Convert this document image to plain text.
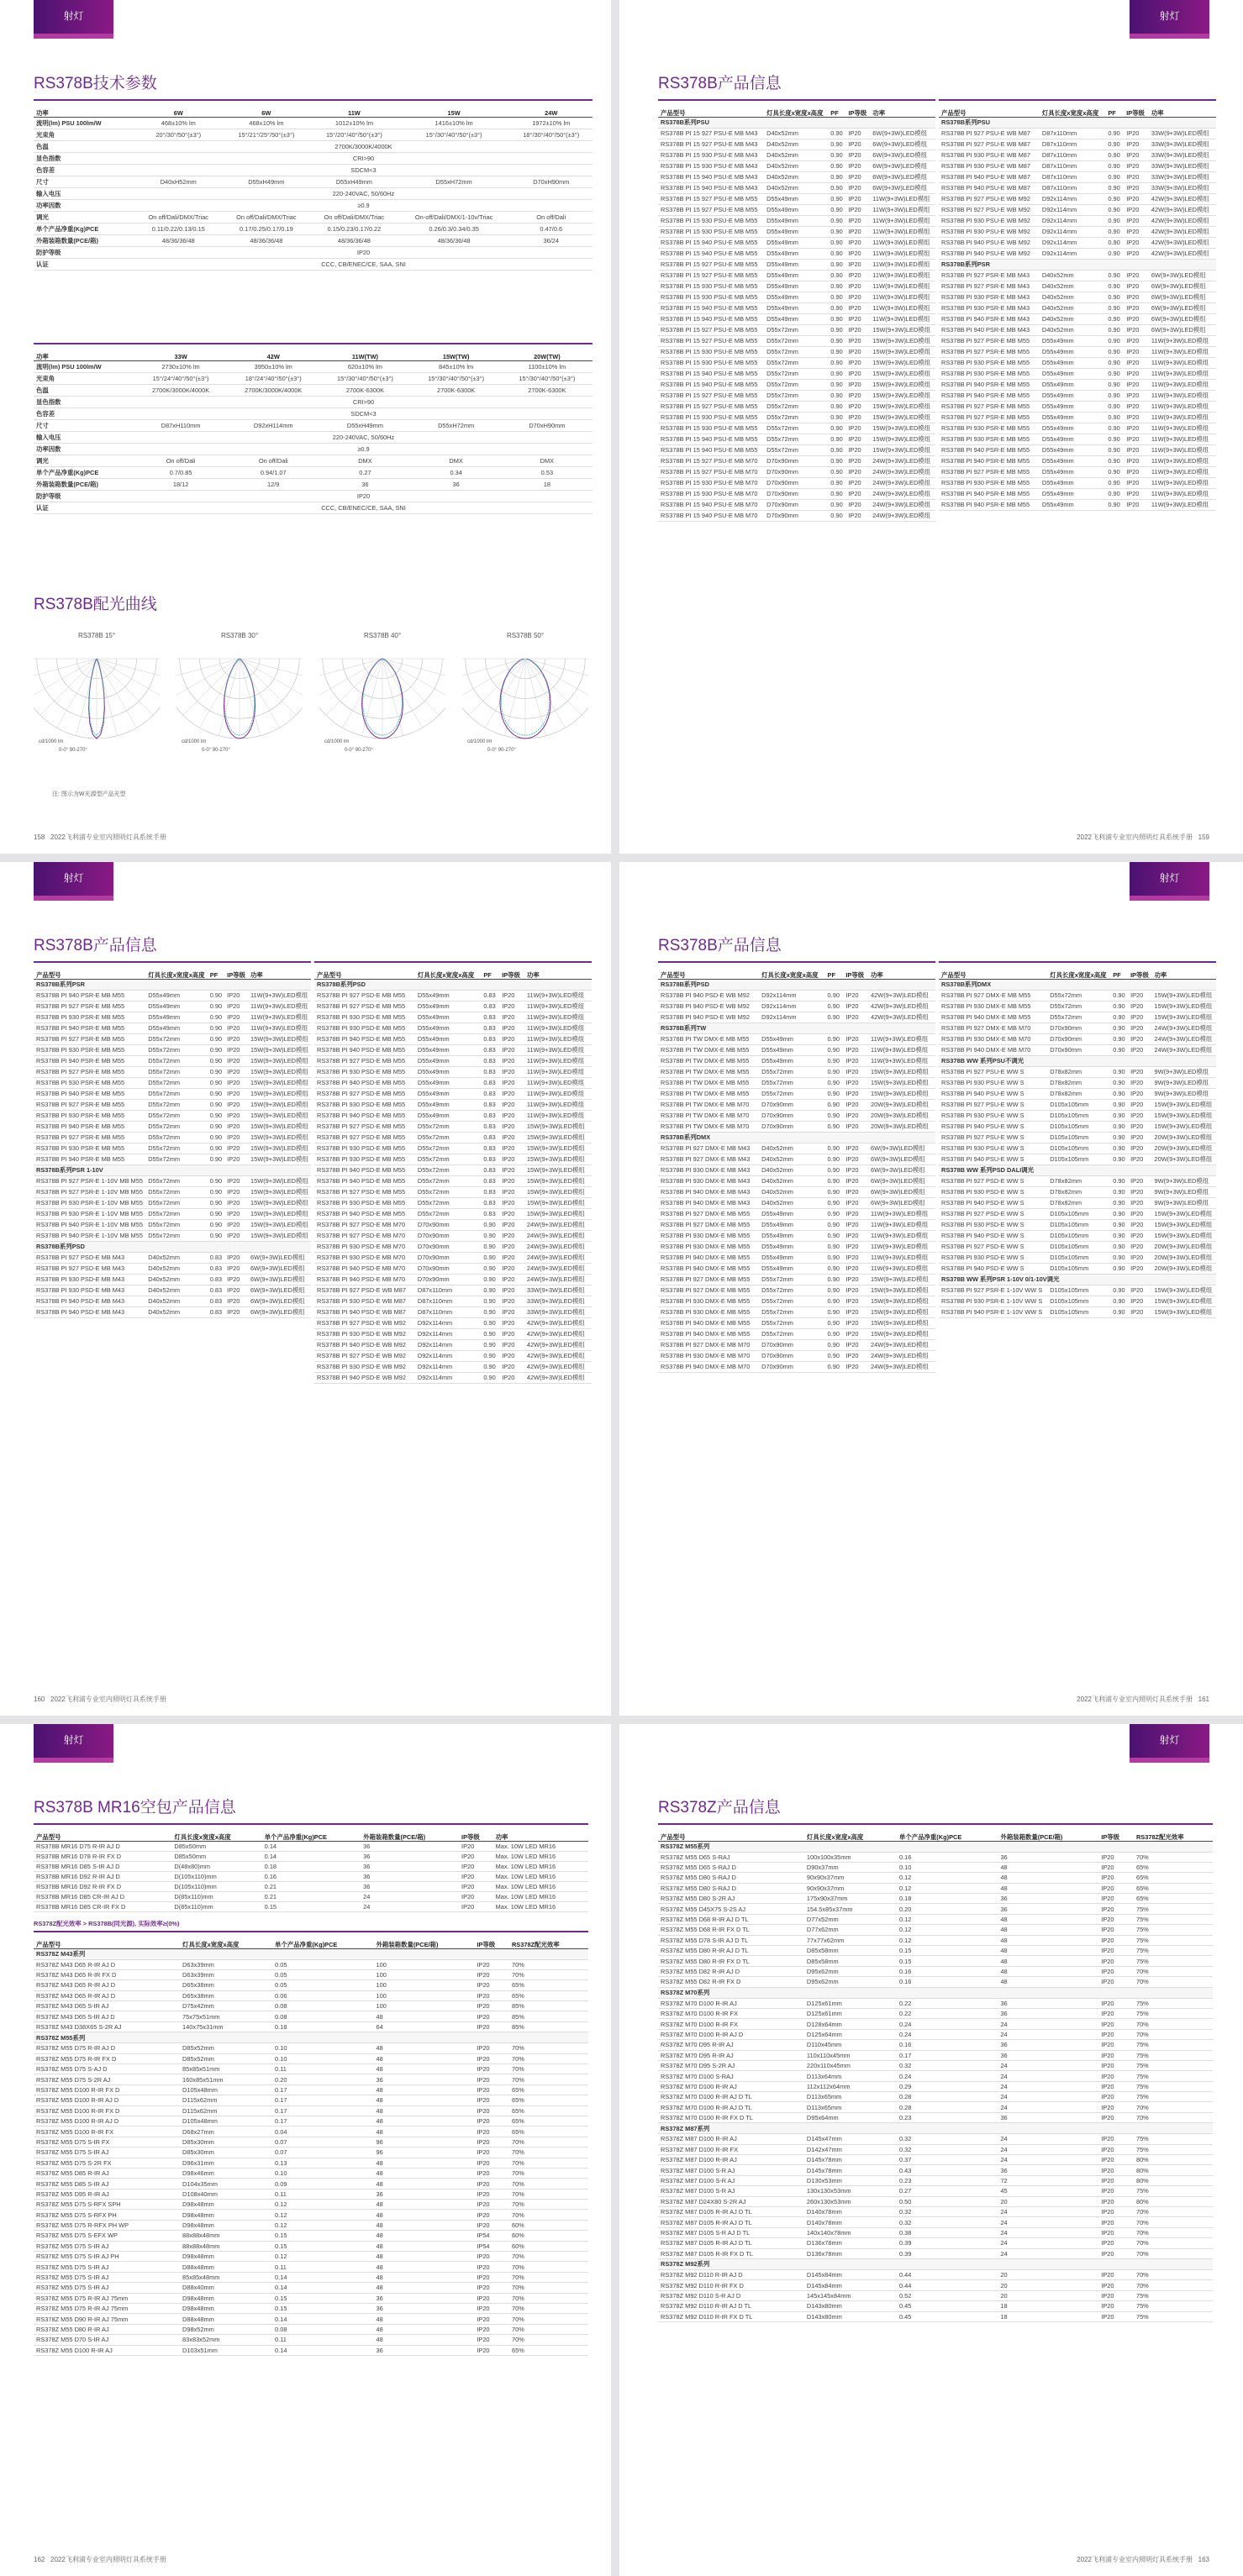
射灯
RS378B技术参数
功率	6W	6W	11W	15W	24W
流明(lm) PSU 100lm/W	468±10% lm	468±10% lm	1012±10% lm	1416±10% lm	1972±10% lm
光束角	20°/30°/50°(±3°)	15°/21°/25°/50°(±3°)	15°/20°/40°/50°(±3°)	15°/30°/40°/50°(±3°)	18°/30°/40°/50°(±3°)
色温	2700K/3000K/4000K				
显色指数	CRI>90				
色容差	SDCM<3				
尺寸	D40xH52mm	D55xH49mm	D55xH49mm	D55xH72mm	D70xH90mm
输入电压	220-240VAC, 50/60Hz				
功率因数	≥0.9				
调光	On off/Dali/DMX/Triac	On off/Dali/DMX/Triac	On off/Dali/DMX/Triac	On-off/Dali/DMX/1-10v/Triac	On off/Dali
单个产品净重(Kg)PCE	0.11/0.22/0.13/0.15	0.17/0.25/0.17/0.19	0.15/0.23/0.17/0.22	0.26/0.3/0.34/0.35	0.47/0.6
外箱装箱数量(PCE/箱)	48/36/36/48	48/36/36/48	48/36/36/48	48/36/36/48	36/24
防护等级	IP20				
认证	CCC, CB/ENEC/CE, SAA, SNI				
功率	33W	42W	11W(TW)	15W(TW)	20W(TW)
流明(lm) PSU 100lm/W	2730±10% lm	3950±10% lm	620±10% lm	845±10% lm	1100±10% lm
光束角	15°/24°/40°/50°(±3°)	18°/24°/40°/50°(±3°)	15°/30°/40°/50°(±3°)	15°/30°/40°/50°(±3°)	15°/30°/40°/50°(±3°)
色温	2700K/3000K/4000K	2700K/3000K/4000K	2700K-6300K	2700K-6300K	2700K-6300K
显色指数	CRI>90				
色容差	SDCM<3				
尺寸	D87xH110mm	D92xH114mm	D55xH49mm	D55xH72mm	D70xH90mm
输入电压	220-240VAC, 50/60Hz				
功率因数	≥0.9				
调光	On off/Dali	On off/Dali	DMX	DMX	DMX
单个产品净重(Kg)PCE	0.7/0.85	0.94/1.07	0.27	0.34	0.53
外箱装箱数量(PCE/箱)	18/12	12/9	36	36	18
防护等级	IP20				
认证	CCC, CB/ENEC/CE, SAA, SNI				
RS378B配光曲线
RS378B 15°
cd/1000 lm
0-0° 90-270°
RS378B 30°
cd/1000 lm
0-0° 90-270°
RS378B 40°
cd/1000 lm
0-0° 90-270°
RS378B 50°
cd/1000 lm
0-0° 90-270°
注: 图示为W光源型产品光型
158 2022飞利浦专业室内照明灯具系统手册
射灯
RS378B产品信息
产品型号	灯具长度x宽度x高度	PF	IP等级	功率
RS378B系列PSU				
RS378B PI 15 927 PSU-E MB M43	D40x52mm	0.90	IP20	6W(9+3W)LED模组
RS378B PI 15 927 PSU-E MB M43	D40x52mm	0.90	IP20	6W(9+3W)LED模组
RS378B PI 15 930 PSU-E MB M43	D40x52mm	0.90	IP20	6W(9+3W)LED模组
RS378B PI 15 930 PSU-E MB M43	D40x52mm	0.90	IP20	6W(9+3W)LED模组
RS378B PI 15 940 PSU-E MB M43	D40x52mm	0.90	IP20	6W(9+3W)LED模组
RS378B PI 15 940 PSU-E MB M43	D40x52mm	0.90	IP20	6W(9+3W)LED模组
RS378B PI 15 927 PSU-E MB M55	D55x49mm	0.90	IP20	11W(9+3W)LED模组
RS378B PI 15 927 PSU-E MB M55	D55x49mm	0.90	IP20	11W(9+3W)LED模组
RS378B PI 15 930 PSU-E MB M55	D55x49mm	0.90	IP20	11W(9+3W)LED模组
RS378B PI 15 930 PSU-E MB M55	D55x49mm	0.90	IP20	11W(9+3W)LED模组
RS378B PI 15 940 PSU-E MB M55	D55x49mm	0.90	IP20	11W(9+3W)LED模组
RS378B PI 15 940 PSU-E MB M55	D55x49mm	0.90	IP20	11W(9+3W)LED模组
RS378B PI 15 927 PSU-E MB M55	D55x49mm	0.90	IP20	11W(9+3W)LED模组
RS378B PI 15 927 PSU-E MB M55	D55x49mm	0.90	IP20	11W(9+3W)LED模组
RS378B PI 15 930 PSU-E MB M55	D55x49mm	0.90	IP20	11W(9+3W)LED模组
RS378B PI 15 930 PSU-E MB M55	D55x49mm	0.90	IP20	11W(9+3W)LED模组
RS378B PI 15 940 PSU-E MB M55	D55x49mm	0.90	IP20	11W(9+3W)LED模组
RS378B PI 15 940 PSU-E MB M55	D55x49mm	0.90	IP20	11W(9+3W)LED模组
RS378B PI 15 927 PSU-E MB M55	D55x72mm	0.90	IP20	15W(9+3W)LED模组
RS378B PI 15 927 PSU-E MB M55	D55x72mm	0.90	IP20	15W(9+3W)LED模组
RS378B PI 15 930 PSU-E MB M55	D55x72mm	0.90	IP20	15W(9+3W)LED模组
RS378B PI 15 930 PSU-E MB M55	D55x72mm	0.90	IP20	15W(9+3W)LED模组
RS378B PI 15 940 PSU-E MB M55	D55x72mm	0.90	IP20	15W(9+3W)LED模组
RS378B PI 15 940 PSU-E MB M55	D55x72mm	0.90	IP20	15W(9+3W)LED模组
RS378B PI 15 927 PSU-E MB M55	D55x72mm	0.90	IP20	15W(9+3W)LED模组
RS378B PI 15 927 PSU-E MB M55	D55x72mm	0.90	IP20	15W(9+3W)LED模组
RS378B PI 15 930 PSU-E MB M55	D55x72mm	0.90	IP20	15W(9+3W)LED模组
RS378B PI 15 930 PSU-E MB M55	D55x72mm	0.90	IP20	15W(9+3W)LED模组
RS378B PI 15 940 PSU-E MB M55	D55x72mm	0.90	IP20	15W(9+3W)LED模组
RS378B PI 15 940 PSU-E MB M55	D55x72mm	0.90	IP20	15W(9+3W)LED模组
RS378B PI 15 927 PSU-E MB M70	D70x90mm	0.90	IP20	24W(9+3W)LED模组
RS378B PI 15 927 PSU-E MB M70	D70x90mm	0.90	IP20	24W(9+3W)LED模组
RS378B PI 15 930 PSU-E MB M70	D70x90mm	0.90	IP20	24W(9+3W)LED模组
RS378B PI 15 930 PSU-E MB M70	D70x90mm	0.90	IP20	24W(9+3W)LED模组
RS378B PI 15 940 PSU-E MB M70	D70x90mm	0.90	IP20	24W(9+3W)LED模组
RS378B PI 15 940 PSU-E MB M70	D70x90mm	0.90	IP20	24W(9+3W)LED模组
产品型号	灯具长度x宽度x高度	PF	IP等级	功率
RS378B系列PSU				
RS378B PI 927 PSU-E WB M87	D87x110mm	0.90	IP20	33W(9+3W)LED模组
RS378B PI 927 PSU-E WB M87	D87x110mm	0.90	IP20	33W(9+3W)LED模组
RS378B PI 930 PSU-E WB M87	D87x110mm	0.90	IP20	33W(9+3W)LED模组
RS378B PI 930 PSU-E WB M87	D87x110mm	0.90	IP20	33W(9+3W)LED模组
RS378B PI 940 PSU-E WB M87	D87x110mm	0.90	IP20	33W(9+3W)LED模组
RS378B PI 940 PSU-E WB M87	D87x110mm	0.90	IP20	33W(9+3W)LED模组
RS378B PI 927 PSU-E WB M92	D92x114mm	0.90	IP20	42W(9+3W)LED模组
RS378B PI 927 PSU-E WB M92	D92x114mm	0.90	IP20	42W(9+3W)LED模组
RS378B PI 930 PSU-E WB M92	D92x114mm	0.90	IP20	42W(9+3W)LED模组
RS378B PI 930 PSU-E WB M92	D92x114mm	0.90	IP20	42W(9+3W)LED模组
RS378B PI 940 PSU-E WB M92	D92x114mm	0.90	IP20	42W(9+3W)LED模组
RS378B PI 940 PSU-E WB M92	D92x114mm	0.90	IP20	42W(9+3W)LED模组
RS378B系列PSR				
RS378B PI 927 PSR-E MB M43	D40x52mm	0.90	IP20	6W(9+3W)LED模组
RS378B PI 927 PSR-E MB M43	D40x52mm	0.90	IP20	6W(9+3W)LED模组
RS378B PI 930 PSR-E MB M43	D40x52mm	0.90	IP20	6W(9+3W)LED模组
RS378B PI 930 PSR-E MB M43	D40x52mm	0.90	IP20	6W(9+3W)LED模组
RS378B PI 940 PSR-E MB M43	D40x52mm	0.90	IP20	6W(9+3W)LED模组
RS378B PI 940 PSR-E MB M43	D40x52mm	0.90	IP20	6W(9+3W)LED模组
RS378B PI 927 PSR-E MB M55	D55x49mm	0.90	IP20	11W(9+3W)LED模组
RS378B PI 927 PSR-E MB M55	D55x49mm	0.90	IP20	11W(9+3W)LED模组
RS378B PI 930 PSR-E MB M55	D55x49mm	0.90	IP20	11W(9+3W)LED模组
RS378B PI 930 PSR-E MB M55	D55x49mm	0.90	IP20	11W(9+3W)LED模组
RS378B PI 940 PSR-E MB M55	D55x49mm	0.90	IP20	11W(9+3W)LED模组
RS378B PI 940 PSR-E MB M55	D55x49mm	0.90	IP20	11W(9+3W)LED模组
RS378B PI 927 PSR-E MB M55	D55x49mm	0.90	IP20	11W(9+3W)LED模组
RS378B PI 927 PSR-E MB M55	D55x49mm	0.90	IP20	11W(9+3W)LED模组
RS378B PI 930 PSR-E MB M55	D55x49mm	0.90	IP20	11W(9+3W)LED模组
RS378B PI 930 PSR-E MB M55	D55x49mm	0.90	IP20	11W(9+3W)LED模组
RS378B PI 940 PSR-E MB M55	D55x49mm	0.90	IP20	11W(9+3W)LED模组
RS378B PI 940 PSR-E MB M55	D55x49mm	0.90	IP20	11W(9+3W)LED模组
RS378B PI 927 PSR-E MB M55	D55x49mm	0.90	IP20	11W(9+3W)LED模组
RS378B PI 930 PSR-E MB M55	D55x49mm	0.90	IP20	11W(9+3W)LED模组
RS378B PI 940 PSR-E MB M55	D55x49mm	0.90	IP20	11W(9+3W)LED模组
RS378B PI 940 PSR-E MB M55	D55x49mm	0.90	IP20	11W(9+3W)LED模组
2022飞利浦专业室内照明灯具系统手册 159
射灯
RS378B产品信息
产品型号	灯具长度x宽度x高度	PF	IP等级	功率
RS378B系列PSR				
RS378B PI 940 PSR-E MB M55	D55x49mm	0.90	IP20	11W(9+3W)LED模组
RS378B PI 927 PSR-E MB M55	D55x49mm	0.90	IP20	11W(9+3W)LED模组
RS378B PI 930 PSR-E MB M55	D55x49mm	0.90	IP20	11W(9+3W)LED模组
RS378B PI 940 PSR-E MB M55	D55x49mm	0.90	IP20	11W(9+3W)LED模组
RS378B PI 927 PSR-E MB M55	D55x72mm	0.90	IP20	15W(9+3W)LED模组
RS378B PI 930 PSR-E MB M55	D55x72mm	0.90	IP20	15W(9+3W)LED模组
RS378B PI 940 PSR-E MB M55	D55x72mm	0.90	IP20	15W(9+3W)LED模组
RS378B PI 927 PSR-E MB M55	D55x72mm	0.90	IP20	15W(9+3W)LED模组
RS378B PI 930 PSR-E MB M55	D55x72mm	0.90	IP20	15W(9+3W)LED模组
RS378B PI 940 PSR-E MB M55	D55x72mm	0.90	IP20	15W(9+3W)LED模组
RS378B PI 927 PSR-E MB M55	D55x72mm	0.90	IP20	15W(9+3W)LED模组
RS378B PI 930 PSR-E MB M55	D55x72mm	0.90	IP20	15W(9+3W)LED模组
RS378B PI 940 PSR-E MB M55	D55x72mm	0.90	IP20	15W(9+3W)LED模组
RS378B PI 927 PSR-E MB M55	D55x72mm	0.90	IP20	15W(9+3W)LED模组
RS378B PI 930 PSR-E MB M55	D55x72mm	0.90	IP20	15W(9+3W)LED模组
RS378B PI 940 PSR-E MB M55	D55x72mm	0.90	IP20	15W(9+3W)LED模组
RS378B系列PSR 1-10V				
RS378B PI 927 PSR-E 1-10V MB M55	D55x72mm	0.90	IP20	15W(9+3W)LED模组
RS378B PI 927 PSR-E 1-10V MB M55	D55x72mm	0.90	IP20	15W(9+3W)LED模组
RS378B PI 930 PSR-E 1-10V MB M55	D55x72mm	0.90	IP20	15W(9+3W)LED模组
RS378B PI 930 PSR-E 1-10V MB M55	D55x72mm	0.90	IP20	15W(9+3W)LED模组
RS378B PI 940 PSR-E 1-10V MB M55	D55x72mm	0.90	IP20	15W(9+3W)LED模组
RS378B PI 940 PSR-E 1-10V MB M55	D55x72mm	0.90	IP20	15W(9+3W)LED模组
RS378B系列PSD				
RS378B PI 927 PSD-E MB M43	D40x52mm	0.83	IP20	6W(9+3W)LED模组
RS378B PI 927 PSD-E MB M43	D40x52mm	0.83	IP20	6W(9+3W)LED模组
RS378B PI 930 PSD-E MB M43	D40x52mm	0.83	IP20	6W(9+3W)LED模组
RS378B PI 930 PSD-E MB M43	D40x52mm	0.83	IP20	6W(9+3W)LED模组
RS378B PI 940 PSD-E MB M43	D40x52mm	0.83	IP20	6W(9+3W)LED模组
RS378B PI 940 PSD-E MB M43	D40x52mm	0.83	IP20	6W(9+3W)LED模组
产品型号	灯具长度x宽度x高度	PF	IP等级	功率
RS378B系列PSD				
RS378B PI 927 PSD-E MB M55	D55x49mm	0.83	IP20	11W(9+3W)LED模组
RS378B PI 927 PSD-E MB M55	D55x49mm	0.83	IP20	11W(9+3W)LED模组
RS378B PI 930 PSD-E MB M55	D55x49mm	0.83	IP20	11W(9+3W)LED模组
RS378B PI 930 PSD-E MB M55	D55x49mm	0.83	IP20	11W(9+3W)LED模组
RS378B PI 940 PSD-E MB M55	D55x49mm	0.83	IP20	11W(9+3W)LED模组
RS378B PI 940 PSD-E MB M55	D55x49mm	0.83	IP20	11W(9+3W)LED模组
RS378B PI 927 PSD-E MB M55	D55x49mm	0.83	IP20	11W(9+3W)LED模组
RS378B PI 930 PSD-E MB M55	D55x49mm	0.83	IP20	11W(9+3W)LED模组
RS378B PI 940 PSD-E MB M55	D55x49mm	0.83	IP20	11W(9+3W)LED模组
RS378B PI 927 PSD-E MB M55	D55x49mm	0.83	IP20	11W(9+3W)LED模组
RS378B PI 930 PSD-E MB M55	D55x49mm	0.83	IP20	11W(9+3W)LED模组
RS378B PI 940 PSD-E MB M55	D55x49mm	0.83	IP20	11W(9+3W)LED模组
RS378B PI 927 PSD-E MB M55	D55x72mm	0.83	IP20	15W(9+3W)LED模组
RS378B PI 927 PSD-E MB M55	D55x72mm	0.83	IP20	15W(9+3W)LED模组
RS378B PI 930 PSD-E MB M55	D55x72mm	0.83	IP20	15W(9+3W)LED模组
RS378B PI 930 PSD-E MB M55	D55x72mm	0.83	IP20	15W(9+3W)LED模组
RS378B PI 940 PSD-E MB M55	D55x72mm	0.83	IP20	15W(9+3W)LED模组
RS378B PI 940 PSD-E MB M55	D55x72mm	0.83	IP20	15W(9+3W)LED模组
RS378B PI 927 PSD-E MB M55	D55x72mm	0.83	IP20	15W(9+3W)LED模组
RS378B PI 930 PSD-E MB M55	D55x72mm	0.83	IP20	15W(9+3W)LED模组
RS378B PI 940 PSD-E MB M55	D55x72mm	0.83	IP20	15W(9+3W)LED模组
RS378B PI 927 PSD-E MB M70	D70x90mm	0.90	IP20	24W(9+3W)LED模组
RS378B PI 927 PSD-E MB M70	D70x90mm	0.90	IP20	24W(9+3W)LED模组
RS378B PI 930 PSD-E MB M70	D70x90mm	0.90	IP20	24W(9+3W)LED模组
RS378B PI 930 PSD-E MB M70	D70x90mm	0.90	IP20	24W(9+3W)LED模组
RS378B PI 940 PSD-E MB M70	D70x90mm	0.90	IP20	24W(9+3W)LED模组
RS378B PI 940 PSD-E MB M70	D70x90mm	0.90	IP20	24W(9+3W)LED模组
RS378B PI 927 PSD-E WB M87	D87x110mm	0.90	IP20	33W(9+3W)LED模组
RS378B PI 930 PSD-E WB M87	D87x110mm	0.90	IP20	33W(9+3W)LED模组
RS378B PI 940 PSD-E WB M87	D87x110mm	0.90	IP20	33W(9+3W)LED模组
RS378B PI 927 PSD-E WB M92	D92x114mm	0.90	IP20	42W(9+3W)LED模组
RS378B PI 930 PSD-E WB M92	D92x114mm	0.90	IP20	42W(9+3W)LED模组
RS378B PI 940 PSD-E WB M92	D92x114mm	0.90	IP20	42W(9+3W)LED模组
RS378B PI 927 PSD-E WB M92	D92x114mm	0.90	IP20	42W(9+3W)LED模组
RS378B PI 930 PSD-E WB M92	D92x114mm	0.90	IP20	42W(9+3W)LED模组
RS378B PI 940 PSD-E WB M92	D92x114mm	0.90	IP20	42W(9+3W)LED模组
160 2022飞利浦专业室内照明灯具系统手册
射灯
RS378B产品信息
产品型号	灯具长度x宽度x高度	PF	IP等级	功率
RS378B系列PSD				
RS378B PI 940 PSD-E WB M92	D92x114mm	0.90	IP20	42W(9+3W)LED模组
RS378B PI 940 PSD-E WB M92	D92x114mm	0.90	IP20	42W(9+3W)LED模组
RS378B PI 940 PSD-E WB M92	D92x114mm	0.90	IP20	42W(9+3W)LED模组
RS378B系列TW				
RS378B PI TW DMX-E MB M55	D55x49mm	0.90	IP20	11W(9+3W)LED模组
RS378B PI TW DMX-E MB M55	D55x49mm	0.90	IP20	11W(9+3W)LED模组
RS378B PI TW DMX-E MB M55	D55x49mm	0.90	IP20	11W(9+3W)LED模组
RS378B PI TW DMX-E MB M55	D55x72mm	0.90	IP20	15W(9+3W)LED模组
RS378B PI TW DMX-E MB M55	D55x72mm	0.90	IP20	15W(9+3W)LED模组
RS378B PI TW DMX-E MB M55	D55x72mm	0.90	IP20	15W(9+3W)LED模组
RS378B PI TW DMX-E MB M70	D70x90mm	0.90	IP20	20W(9+3W)LED模组
RS378B PI TW DMX-E MB M70	D70x90mm	0.90	IP20	20W(9+3W)LED模组
RS378B PI TW DMX-E MB M70	D70x90mm	0.90	IP20	20W(9+3W)LED模组
RS378B系列DMX				
RS378B PI 927 DMX-E MB M43	D40x52mm	0.90	IP20	6W(9+3W)LED模组
RS378B PI 927 DMX-E MB M43	D40x52mm	0.90	IP20	6W(9+3W)LED模组
RS378B PI 930 DMX-E MB M43	D40x52mm	0.90	IP20	6W(9+3W)LED模组
RS378B PI 930 DMX-E MB M43	D40x52mm	0.90	IP20	6W(9+3W)LED模组
RS378B PI 940 DMX-E MB M43	D40x52mm	0.90	IP20	6W(9+3W)LED模组
RS378B PI 940 DMX-E MB M43	D40x52mm	0.90	IP20	6W(9+3W)LED模组
RS378B PI 927 DMX-E MB M55	D55x49mm	0.90	IP20	11W(9+3W)LED模组
RS378B PI 927 DMX-E MB M55	D55x49mm	0.90	IP20	11W(9+3W)LED模组
RS378B PI 930 DMX-E MB M55	D55x49mm	0.90	IP20	11W(9+3W)LED模组
RS378B PI 930 DMX-E MB M55	D55x49mm	0.90	IP20	11W(9+3W)LED模组
RS378B PI 940 DMX-E MB M55	D55x49mm	0.90	IP20	11W(9+3W)LED模组
RS378B PI 940 DMX-E MB M55	D55x49mm	0.90	IP20	11W(9+3W)LED模组
RS378B PI 927 DMX-E MB M55	D55x72mm	0.90	IP20	15W(9+3W)LED模组
RS378B PI 927 DMX-E MB M55	D55x72mm	0.90	IP20	15W(9+3W)LED模组
RS378B PI 930 DMX-E MB M55	D55x72mm	0.90	IP20	15W(9+3W)LED模组
RS378B PI 930 DMX-E MB M55	D55x72mm	0.90	IP20	15W(9+3W)LED模组
RS378B PI 940 DMX-E MB M55	D55x72mm	0.90	IP20	15W(9+3W)LED模组
RS378B PI 940 DMX-E MB M55	D55x72mm	0.90	IP20	15W(9+3W)LED模组
RS378B PI 927 DMX-E MB M70	D70x90mm	0.90	IP20	24W(9+3W)LED模组
RS378B PI 930 DMX-E MB M70	D70x90mm	0.90	IP20	24W(9+3W)LED模组
RS378B PI 940 DMX-E MB M70	D70x90mm	0.90	IP20	24W(9+3W)LED模组
产品型号	灯具长度x宽度x高度	PF	IP等级	功率
RS378B系列DMX				
RS378B PI 927 DMX-E MB M55	D55x72mm	0.90	IP20	15W(9+3W)LED模组
RS378B PI 930 DMX-E MB M55	D55x72mm	0.90	IP20	15W(9+3W)LED模组
RS378B PI 940 DMX-E MB M55	D55x72mm	0.90	IP20	15W(9+3W)LED模组
RS378B PI 927 DMX-E MB M70	D70x90mm	0.90	IP20	24W(9+3W)LED模组
RS378B PI 930 DMX-E MB M70	D70x90mm	0.90	IP20	24W(9+3W)LED模组
RS378B PI 940 DMX-E MB M70	D70x90mm	0.90	IP20	24W(9+3W)LED模组
RS378B WW 系列PSU不调光				
RS378B PI 927 PSU-E WW S	D78x82mm	0.90	IP20	9W(9+3W)LED模组
RS378B PI 930 PSU-E WW S	D78x82mm	0.90	IP20	9W(9+3W)LED模组
RS378B PI 940 PSU-E WW S	D78x82mm	0.90	IP20	9W(9+3W)LED模组
RS378B PI 927 PSU-E WW S	D105x105mm	0.90	IP20	15W(9+3W)LED模组
RS378B PI 930 PSU-E WW S	D105x105mm	0.90	IP20	15W(9+3W)LED模组
RS378B PI 940 PSU-E WW S	D105x105mm	0.90	IP20	15W(9+3W)LED模组
RS378B PI 927 PSU-E WW S	D105x105mm	0.90	IP20	20W(9+3W)LED模组
RS378B PI 930 PSU-E WW S	D105x105mm	0.90	IP20	20W(9+3W)LED模组
RS378B PI 940 PSU-E WW S	D105x105mm	0.90	IP20	20W(9+3W)LED模组
RS378B WW 系列PSD DALI调光				
RS378B PI 927 PSD-E WW S	D78x82mm	0.90	IP20	9W(9+3W)LED模组
RS378B PI 930 PSD-E WW S	D78x82mm	0.90	IP20	9W(9+3W)LED模组
RS378B PI 940 PSD-E WW S	D78x82mm	0.90	IP20	9W(9+3W)LED模组
RS378B PI 927 PSD-E WW S	D105x105mm	0.90	IP20	15W(9+3W)LED模组
RS378B PI 930 PSD-E WW S	D105x105mm	0.90	IP20	15W(9+3W)LED模组
RS378B PI 940 PSD-E WW S	D105x105mm	0.90	IP20	15W(9+3W)LED模组
RS378B PI 927 PSD-E WW S	D105x105mm	0.90	IP20	20W(9+3W)LED模组
RS378B PI 930 PSD-E WW S	D105x105mm	0.90	IP20	20W(9+3W)LED模组
RS378B PI 940 PSD-E WW S	D105x105mm	0.90	IP20	20W(9+3W)LED模组
RS378B WW 系列PSR 1-10V 0/1-10V调光				
RS378B PI 927 PSR-E 1-10V WW S	D105x105mm	0.90	IP20	15W(9+3W)LED模组
RS378B PI 930 PSR-E 1-10V WW S	D105x105mm	0.90	IP20	15W(9+3W)LED模组
RS378B PI 940 PSR-E 1-10V WW S	D105x105mm	0.90	IP20	15W(9+3W)LED模组
2022飞利浦专业室内照明灯具系统手册 161
射灯
RS378B MR16空包产品信息
产品型号	灯具长度x宽度x高度	单个产品净重(Kg)PCE	外箱装箱数量(PCE/箱)	IP等级	功率
RS378B MR16 D75 R-IR AJ D	D85x50mm	0.14	36	IP20	Max. 10W LED MR16
RS378B MR16 D78 R-IR FX D	D85x50mm	0.14	36	IP20	Max. 10W LED MR16
RS378B MR16 D85 S-IR AJ D	D(48x80)mm	0.18	36	IP20	Max. 10W LED MR16
RS378B MR16 D92 R-IR AJ D	D(105x110)mm	0.16	36	IP20	Max. 10W LED MR16
RS378B MR16 D92 R-IR FX D	D(105x110)mm	0.21	36	IP20	Max. 10W LED MR16
RS378B MR16 D85 CR-IR AJ D	D(85x110)mm	0.21	24	IP20	Max. 10W LED MR16
RS378B MR16 D85 CR-IR FX D	D(85x110)mm	0.15	24	IP20	Max. 10W LED MR16
RS378Z配光效率 > RS378B(同光源), 实际效率≥(0%)
产品型号	灯具长度x宽度x高度	单个产品净重(Kg)PCE	外箱装箱数量(PCE/箱)	IP等级	RS378Z配光效率
RS378Z M43系列					
RS378Z M43 D65 R-IR AJ D	D63x39mm	0.05	100	IP20	70%
RS378Z M43 D65 R-IR FX D	D63x39mm	0.05	100	IP20	70%
RS378Z M43 D65 R-IR AJ D	D65x38mm	0.05	100	IP20	65%
RS378Z M43 D65 R-IR AJ D	D65x38mm	0.06	100	IP20	65%
RS378Z M43 D65 S-IR AJ	D75x42mm	0.08	100	IP20	85%
RS378Z M43 D65 S-IR AJ D	75x75x51mm	0.08	48	IP20	85%
RS378Z M43 D38X65 S-2R AJ	140x75x31mm	0.18	64	IP20	85%
RS378Z M55系列					
RS378Z M55 D75 R-IR AJ D	D85x52mm	0.10	48	IP20	70%
RS378Z M55 D75 R-IR FX D	D85x52mm	0.10	48	IP20	70%
RS378Z M55 D75 S-AJ D	85x85x51mm	0.11	48	IP20	70%
RS378Z M55 D75 S-2R AJ	160x85x51mm	0.20	36	IP20	70%
RS378Z M55 D100 R-IR FX D	D105x48mm	0.17	48	IP20	65%
RS378Z M55 D100 R-IR AJ D	D115x62mm	0.17	48	IP20	65%
RS378Z M55 D100 R-IR FX D	D115x62mm	0.17	48	IP20	65%
RS378Z M55 D100 R-IR AJ D	D105x48mm	0.17	48	IP20	65%
RS378Z M55 D100 R-IR FX	D68x27mm	0.04	48	IP20	65%
RS378Z M55 D75 S-IR FX	D85x30mm	0.07	96	IP20	70%
RS378Z M55 D75 S-IR AJ	D85x30mm	0.07	96	IP20	70%
RS378Z M55 D75 S-2R FX	D96x31mm	0.13	48	IP20	70%
RS378Z M55 D85 R-IR AJ	D98x46mm	0.10	48	IP20	70%
RS378Z M55 D85 S-IR AJ	D104x35mm	0.09	48	IP20	70%
RS378Z M55 D95 R-IR AJ	D108x40mm	0.11	36	IP20	70%
RS378Z M55 D75 S-RFX SPH	D98x48mm	0.12	48	IP20	70%
RS378Z M55 D75 S-RFX PH	D98x48mm	0.12	48	IP20	70%
RS378Z M55 D75 R-RFX PH WP	D98x48mm	0.12	48	IP20	60%
RS378Z M55 D75 S-EFX WP	88x88x48mm	0.15	48	IP54	60%
RS378Z M55 D75 S-IR AJ	88x88x48mm	0.15	48	IP54	60%
RS378Z M55 D75 S-IR AJ PH	D98x48mm	0.12	48	IP20	70%
RS378Z M55 D75 S-IR AJ	D88x48mm	0.11	48	IP20	70%
RS378Z M55 D75 S-IR AJ	85x85x48mm	0.14	48	IP20	70%
RS378Z M55 D75 S-IR AJ	D88x40mm	0.14	48	IP20	70%
RS378Z M55 D75 R-IR AJ 75mm	D98x48mm	0.15	36	IP20	70%
RS378Z M55 D75 R-IR AJ 75mm	D98x48mm	0.15	36	IP20	70%
RS378Z M55 D90 R-IR AJ 75mm	D88x48mm	0.14	48	IP20	70%
RS378Z M55 D80 R-IR AJ	D98x52mm	0.08	48	IP20	70%
RS378Z M55 D70 S-IR AJ	83x83x52mm	0.11	48	IP20	70%
RS378Z M55 D100 R-IR AJ	D103x51mm	0.14	36	IP20	65%
162 2022飞利浦专业室内照明灯具系统手册
射灯
RS378Z产品信息
产品型号	灯具长度x宽度x高度	单个产品净重(Kg)PCE	外箱装箱数量(PCE/箱)	IP等级	RS378Z配光效率
RS378Z M55系列					
RS378Z M55 D65 S-RAJ	100x100x35mm	0.16	36	IP20	70%
RS378Z M55 D65 S-RAJ D	D90x37mm	0.10	48	IP20	65%
RS378Z M55 D80 S-RAJ D	90x90x37mm	0.12	48	IP20	65%
RS378Z M55 D80 S-RAJ D	90x90x37mm	0.12	48	IP20	65%
RS378Z M55 D80 S-2R AJ	175x90x37mm	0.18	36	IP20	65%
RS378Z M55 D45X75 S-2S AJ	154.5x85x37mm	0.20	36	IP20	75%
RS378Z M55 D68 R-IR AJ D TL	D77x52mm	0.12	48	IP20	75%
RS378Z M55 D68 R-IR FX D TL	D77x62mm	0.12	48	IP20	75%
RS378Z M55 D78 S-IR AJ D TL	77x77x62mm	0.12	48	IP20	75%
RS378Z M55 D80 R-IR AJ D TL	D85x58mm	0.15	48	IP20	75%
RS378Z M55 D80 R-IR FX D TL	D85x58mm	0.15	48	IP20	75%
RS378Z M55 D82 R-IR AJ D	D95x62mm	0.16	48	IP20	70%
RS378Z M55 D82 R-IR FX D	D95x62mm	0.16	48	IP20	70%
RS378Z M70系列					
RS378Z M70 D100 R-IR AJ	D125x61mm	0.22	36	IP20	75%
RS378Z M70 D100 R-IR FX	D125x61mm	0.22	36	IP20	75%
RS378Z M70 D100 R-IR FX	D128x64mm	0.24	24	IP20	70%
RS378Z M70 D100 R-IR AJ D	D125x64mm	0.24	24	IP20	70%
RS378Z M70 D95 R-IR AJ	D110x45mm	0.16	36	IP20	75%
RS378Z M70 D95 R-IR AJ	110x110x45mm	0.17	36	IP20	75%
RS378Z M70 D95 S-2R AJ	220x110x45mm	0.32	24	IP20	75%
RS378Z M70 D100 S-RAJ	D113x64mm	0.24	24	IP20	75%
RS378Z M70 D100 R-IR AJ	112x112x64mm	0.29	24	IP20	75%
RS378Z M70 D100 R-IR AJ D TL	D113x65mm	0.28	24	IP20	75%
RS378Z M70 D100 R-IR AJ D TL	D113x65mm	0.28	24	IP20	70%
RS378Z M70 D100 R-IR FX D TL	D95x64mm	0.23	36	IP20	70%
RS378Z M87系列					
RS378Z M87 D100 R-IR AJ	D145x47mm	0.32	24	IP20	75%
RS378Z M87 D100 R-IR FX	D142x47mm	0.32	24	IP20	75%
RS378Z M87 D100 R-IR AJ	D145x78mm	0.37	24	IP20	80%
RS378Z M87 D100 S-R AJ	D145x78mm	0.43	36	IP20	80%
RS378Z M87 D100 S-R AJ	D130x53mm	0.23	72	IP20	80%
RS378Z M87 D100 S-R AJ	130x130x53mm	0.27	45	IP20	75%
RS378Z M87 D24X80 S-2R AJ	260x130x53mm	0.50	20	IP20	80%
RS378Z M87 D105 R-IR AJ D TL	D140x78mm	0.32	24	IP20	70%
RS378Z M87 D105 R-IR AJ D TL	D140x78mm	0.32	24	IP20	70%
RS378Z M87 D105 S-R AJ D TL	140x140x78mm	0.38	24	IP20	70%
RS378Z M87 D105 R-IR AJ D TL	D136x78mm	0.39	24	IP20	70%
RS378Z M87 D105 R-IR FX D TL	D136x78mm	0.39	24	IP20	70%
RS378Z M92系列					
RS378Z M92 D110 R-IR AJ D	D145x84mm	0.44	20	IP20	70%
RS378Z M92 D110 R-IR FX D	D145x84mm	0.44	20	IP20	70%
RS378Z M92 D110 S-R AJ D	145x145x84mm	0.52	20	IP20	75%
RS378Z M92 D110 R-IR AJ D TL	D143x80mm	0.45	18	IP20	75%
RS378Z M92 D110 R-IR FX D TL	D143x80mm	0.45	18	IP20	75%
2022飞利浦专业室内照明灯具系统手册 163
